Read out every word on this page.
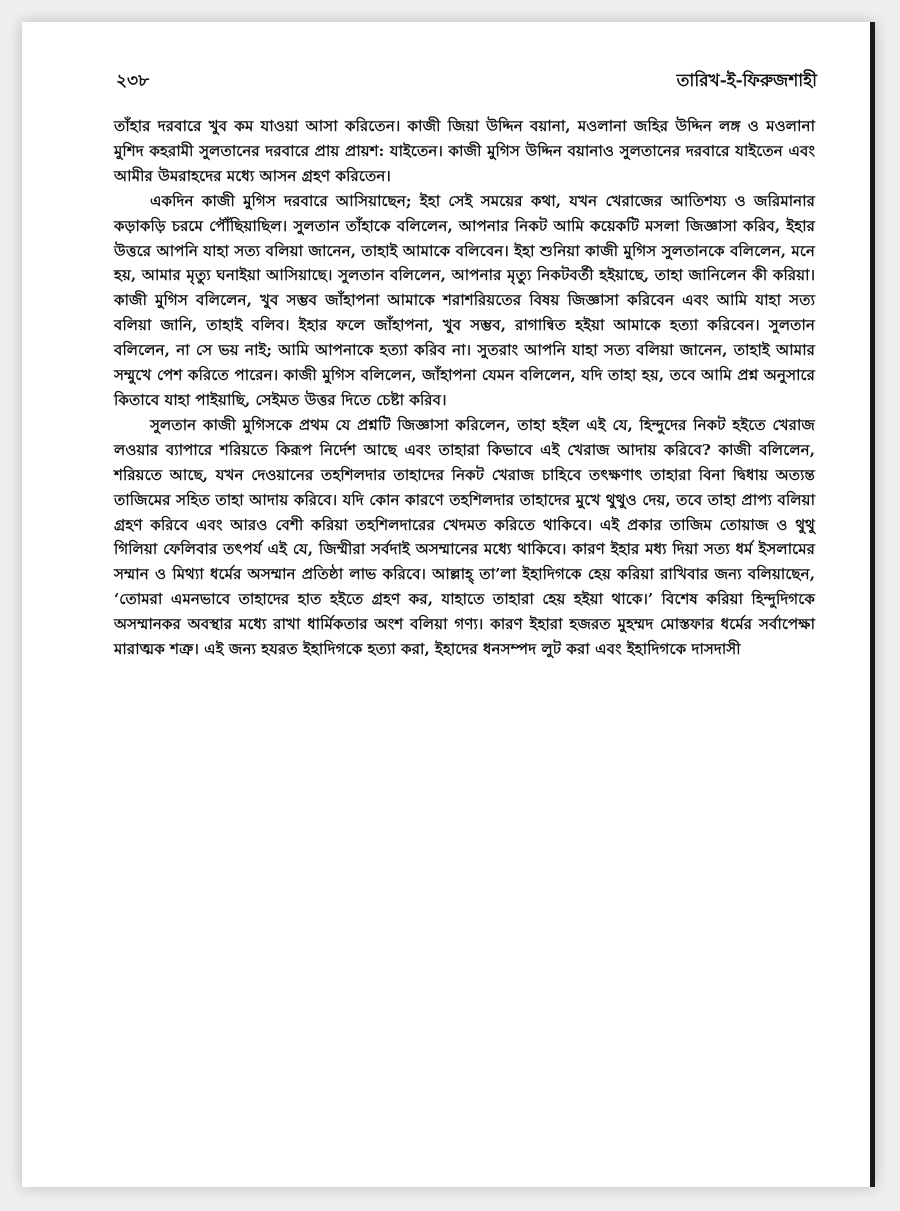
২৩৮	তারিখ-ই-ফিরুজশাহী

তাঁহার দরবারে খুব কম যাওয়া আসা করিতেন। কাজী জিয়া উদ্দিন বয়ানা, মওলানা জহির উদ্দিন লঙ্গ ও মওলানা মুশিদ কহরামী সুলতানের দরবারে প্রায় প্রায়শ: যাইতেন। কাজী মুগিস উদ্দিন বয়ানাও সুলতানের দরবারে যাইতেন এবং আমীর উমরাহদের মধ্যে আসন গ্রহণ করিতেন।

একদিন কাজী মুগিস দরবারে আসিয়াছেন; ইহা সেই সময়ের কথা, যখন খেরাজের আতিশয্য ও জরিমানার কড়াকড়ি চরমে পৌঁছিয়াছিল। সুলতান তাঁহাকে বলিলেন, আপনার নিকট আমি কয়েকটি মসলা জিজ্ঞাসা করিব, ইহার উত্তরে আপনি যাহা সত্য বলিয়া জানেন, তাহাই আমাকে বলিবেন। ইহা শুনিয়া কাজী মুগিস সুলতানকে বলিলেন, মনে হয়, আমার মৃত্যু ঘনাইয়া আসিয়াছে। সুলতান বলিলেন, আপনার মৃত্যু নিকটবর্তী হইয়াছে, তাহা জানিলেন কী করিয়া। কাজী মুগিস বলিলেন, খুব সম্ভব জাঁহাপনা আমাকে শরাশরিয়তের বিষয় জিজ্ঞাসা করিবেন এবং আমি যাহা সত্য বলিয়া জানি, তাহাই বলিব। ইহার ফলে জাঁহাপনা, খুব সম্ভব, রাগান্বিত হইয়া আমাকে হত্যা করিবেন। সুলতান বলিলেন, না সে ভয় নাই; আমি আপনাকে হত্যা করিব না। সুতরাং আপনি যাহা সত্য বলিয়া জানেন, তাহাই আমার সম্মুখে পেশ করিতে পারেন। কাজী মুগিস বলিলেন, জাঁহাপনা যেমন বলিলেন, যদি তাহা হয়, তবে আমি প্রশ্ন অনুসারে কিতাবে যাহা পাইয়াছি, সেইমত উত্তর দিতে চেষ্টা করিব।

সুলতান কাজী মুগিসকে প্রথম যে প্রশ্নটি জিজ্ঞাসা করিলেন, তাহা হইল এই যে, হিন্দুদের নিকট হইতে খেরাজ লওয়ার ব্যাপারে শরিয়তে কিরূপ নির্দেশ আছে এবং তাহারা কিভাবে এই খেরাজ আদায় করিবে? কাজী বলিলেন, শরিয়তে আছে, যখন দেওয়ানের তহশিলদার তাহাদের নিকট খেরাজ চাহিবে তৎক্ষণাৎ তাহারা বিনা দ্বিধায় অত্যন্ত তাজিমের সহিত তাহা আদায় করিবে। যদি কোন কারণে তহশিলদার তাহাদের মুখে থুথুও দেয়, তবে তাহা প্রাপ্য বলিয়া গ্রহণ করিবে এবং আরও বেশী করিয়া তহশিলদারের খেদমত করিতে থাকিবে। এই প্রকার তাজিম তোয়াজ ও থুথু গিলিয়া ফেলিবার তৎপর্য এই যে, জিম্মীরা সর্বদাই অসম্মানের মধ্যে থাকিবে। কারণ ইহার মধ্য দিয়া সত্য ধর্ম ইসলামের সম্মান ও মিথ্যা ধর্মের অসম্মান প্রতিষ্ঠা লাভ করিবে। আল্লাহ্ তা’লা ইহাদিগকে হেয় করিয়া রাখিবার জন্য বলিয়াছেন, ‘তোমরা এমনভাবে তাহাদের হাত হইতে গ্রহণ কর, যাহাতে তাহারা হেয় হইয়া থাকে।’ বিশেষ করিয়া হিন্দুদিগকে অসম্মানকর অবস্থার মধ্যে রাখা ধার্মিকতার অংশ বলিয়া গণ্য। কারণ ইহারা হজরত মুহম্মদ মোস্তফার ধর্মের সর্বাপেক্ষা মারাত্মক শত্রু। এই জন্য হযরত ইহাদিগকে হত্যা করা, ইহাদের ধনসম্পদ লুট করা এবং ইহাদিগকে দাসদাসী
